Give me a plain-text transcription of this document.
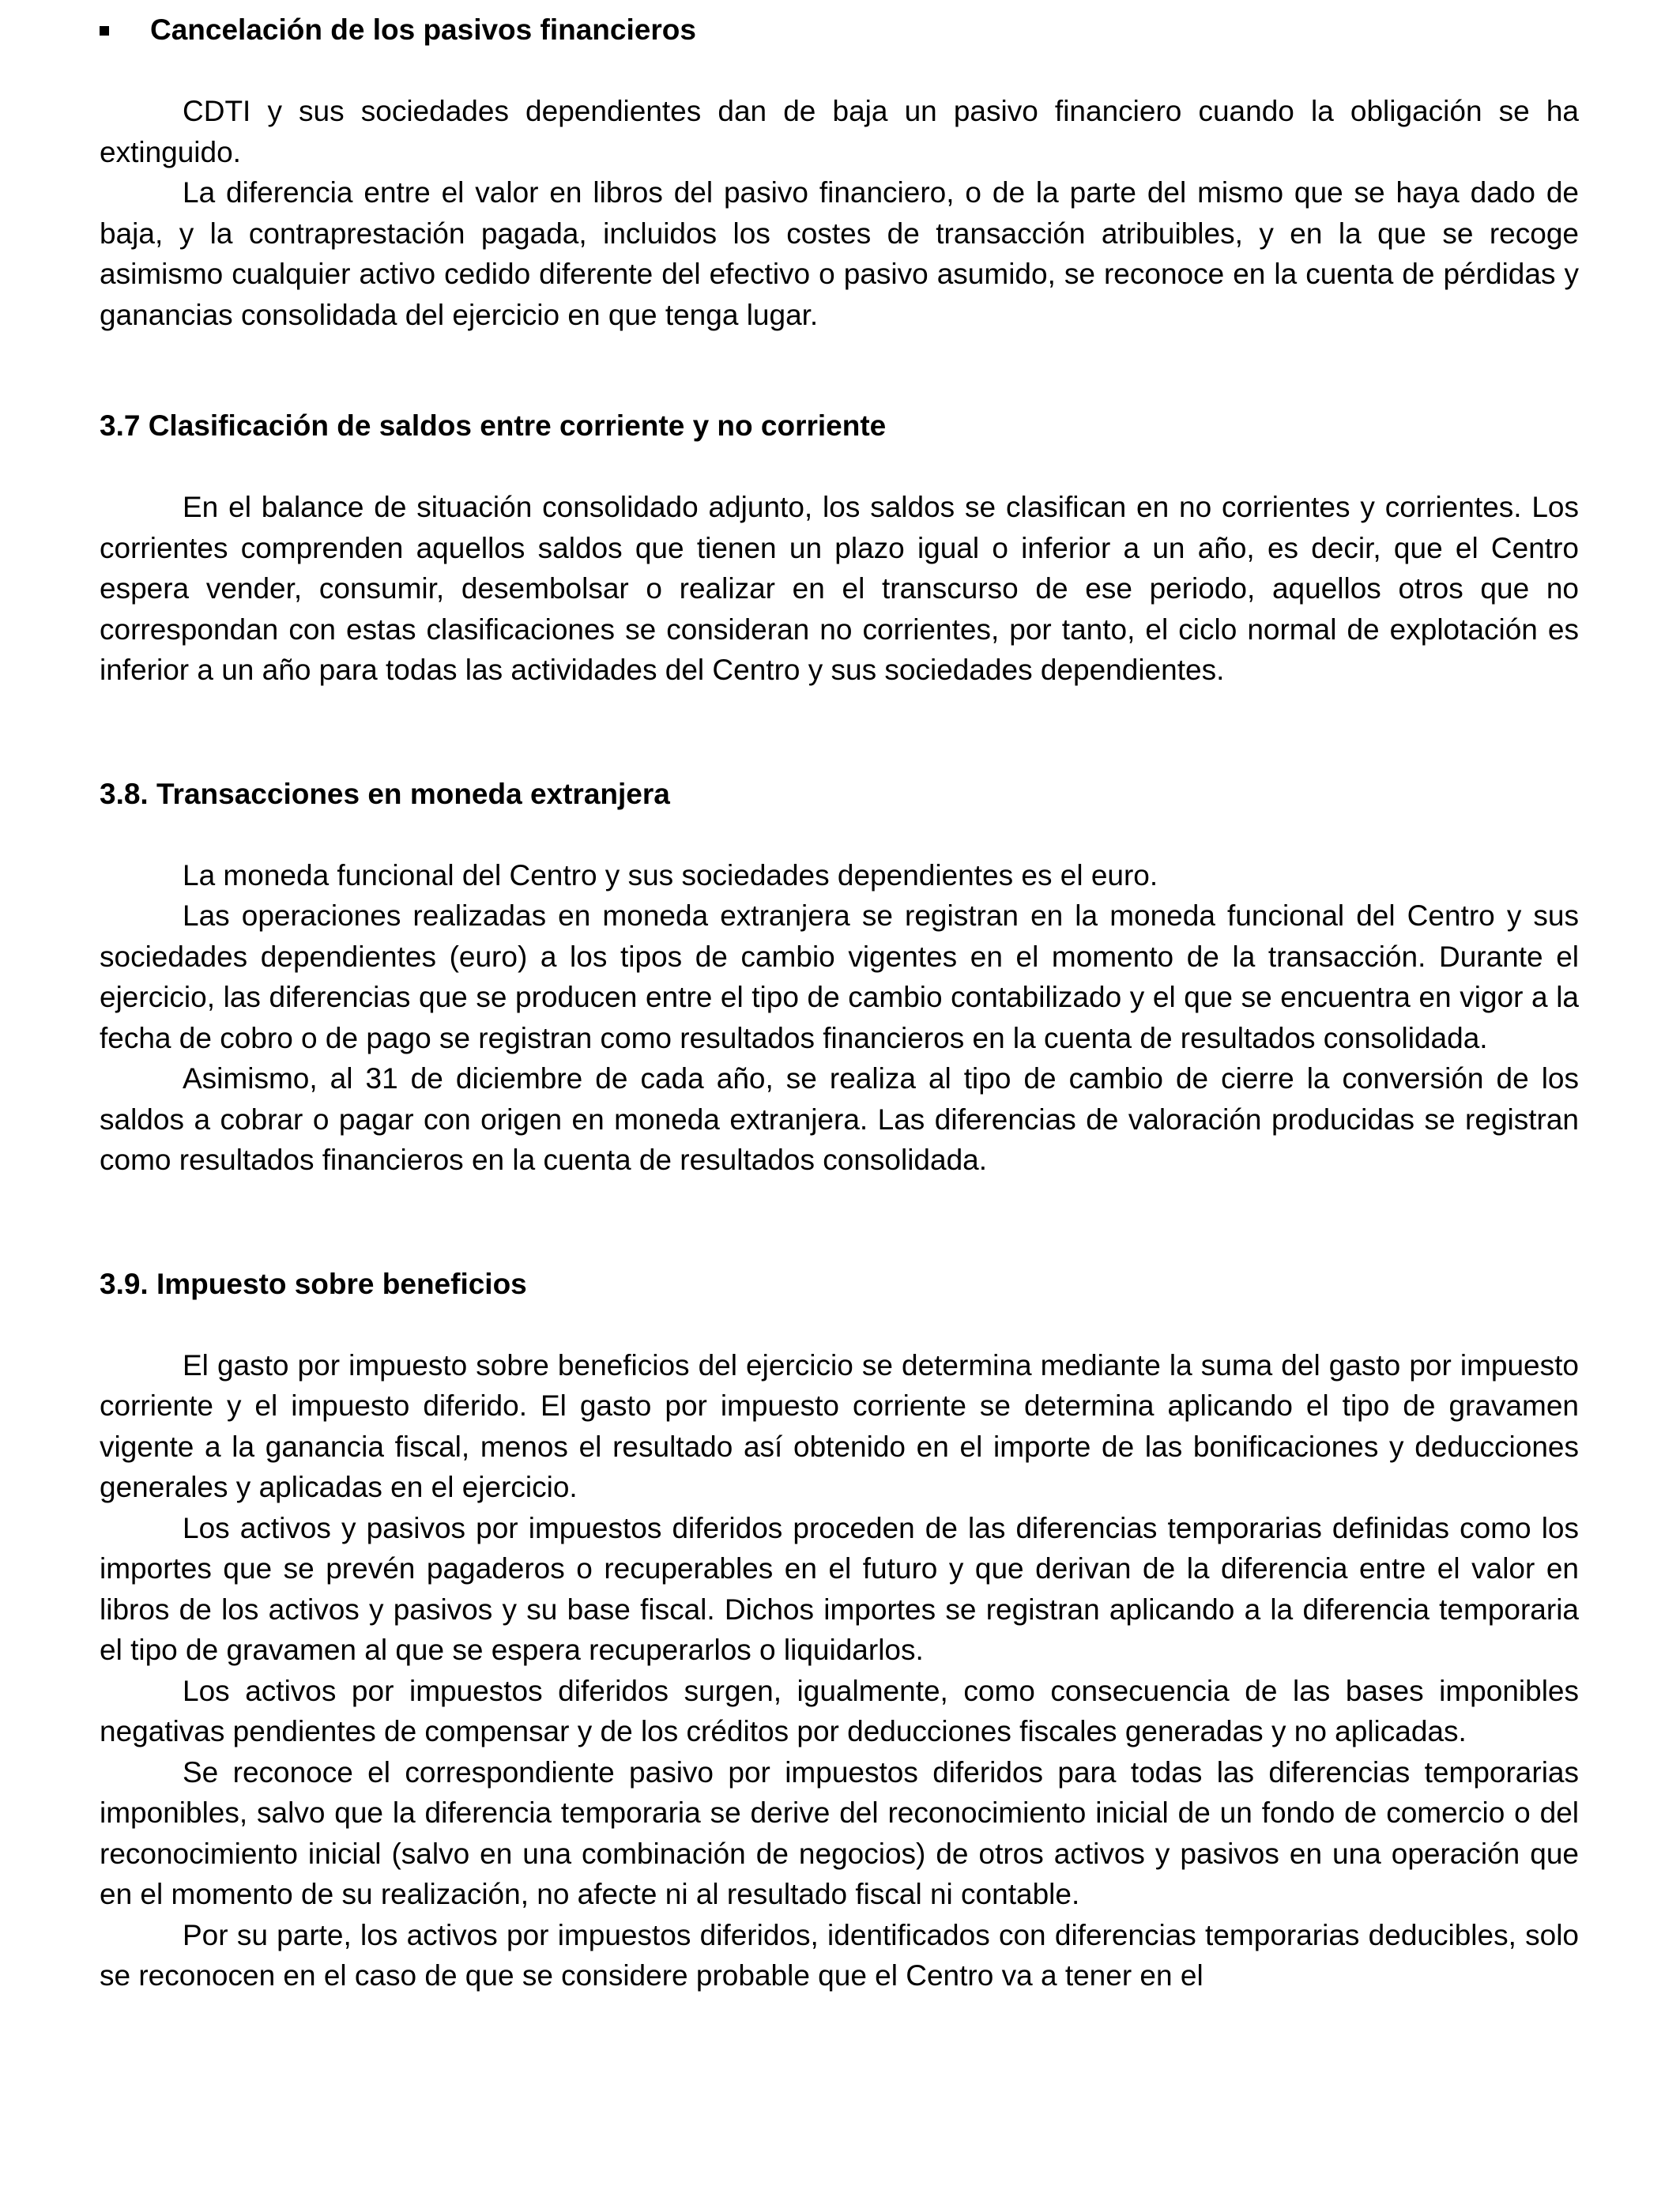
Cancelación de los pasivos financieros

CDTI y sus sociedades dependientes dan de baja un pasivo financiero cuando la obligación se ha extinguido.

La diferencia entre el valor en libros del pasivo financiero, o de la parte del mismo que se haya dado de baja, y la contraprestación pagada, incluidos los costes de transacción atribuibles, y en la que se recoge asimismo cualquier activo cedido diferente del efectivo o pasivo asumido, se reconoce en la cuenta de pérdidas y ganancias consolidada del ejercicio en que tenga lugar.

3.7 Clasificación de saldos entre corriente y no corriente

En el balance de situación consolidado adjunto, los saldos se clasifican en no corrientes y corrientes. Los corrientes comprenden aquellos saldos que tienen un plazo igual o inferior a un año, es decir, que el Centro espera vender, consumir, desembolsar o realizar en el transcurso de ese periodo, aquellos otros que no correspondan con estas clasificaciones se consideran no corrientes, por tanto, el ciclo normal de explotación es inferior a un año para todas las actividades del Centro y sus sociedades dependientes.

3.8. Transacciones en moneda extranjera

La moneda funcional del Centro y sus sociedades dependientes es el euro.

Las operaciones realizadas en moneda extranjera se registran en la moneda funcional del Centro y sus sociedades dependientes (euro) a los tipos de cambio vigentes en el momento de la transacción. Durante el ejercicio, las diferencias que se producen entre el tipo de cambio contabilizado y el que se encuentra en vigor a la fecha de cobro o de pago se registran como resultados financieros en la cuenta de resultados consolidada.

Asimismo, al 31 de diciembre de cada año, se realiza al tipo de cambio de cierre la conversión de los saldos a cobrar o pagar con origen en moneda extranjera. Las diferencias de valoración producidas se registran como resultados financieros en la cuenta de resultados consolidada.

3.9. Impuesto sobre beneficios

El gasto por impuesto sobre beneficios del ejercicio se determina mediante la suma del gasto por impuesto corriente y el impuesto diferido. El gasto por impuesto corriente se determina aplicando el tipo de gravamen vigente a la ganancia fiscal, menos el resultado así obtenido en el importe de las bonificaciones y deducciones generales y aplicadas en el ejercicio.

Los activos y pasivos por impuestos diferidos proceden de las diferencias temporarias definidas como los importes que se prevén pagaderos o recuperables en el futuro y que derivan de la diferencia entre el valor en libros de los activos y pasivos y su base fiscal. Dichos importes se registran aplicando a la diferencia temporaria el tipo de gravamen al que se espera recuperarlos o liquidarlos.

Los activos por impuestos diferidos surgen, igualmente, como consecuencia de las bases imponibles negativas pendientes de compensar y de los créditos por deducciones fiscales generadas y no aplicadas.

Se reconoce el correspondiente pasivo por impuestos diferidos para todas las diferencias temporarias imponibles, salvo que la diferencia temporaria se derive del reconocimiento inicial de un fondo de comercio o del reconocimiento inicial (salvo en una combinación de negocios) de otros activos y pasivos en una operación que en el momento de su realización, no afecte ni al resultado fiscal ni contable.

Por su parte, los activos por impuestos diferidos, identificados con diferencias temporarias deducibles, solo se reconocen en el caso de que se considere probable que el Centro va a tener en el
